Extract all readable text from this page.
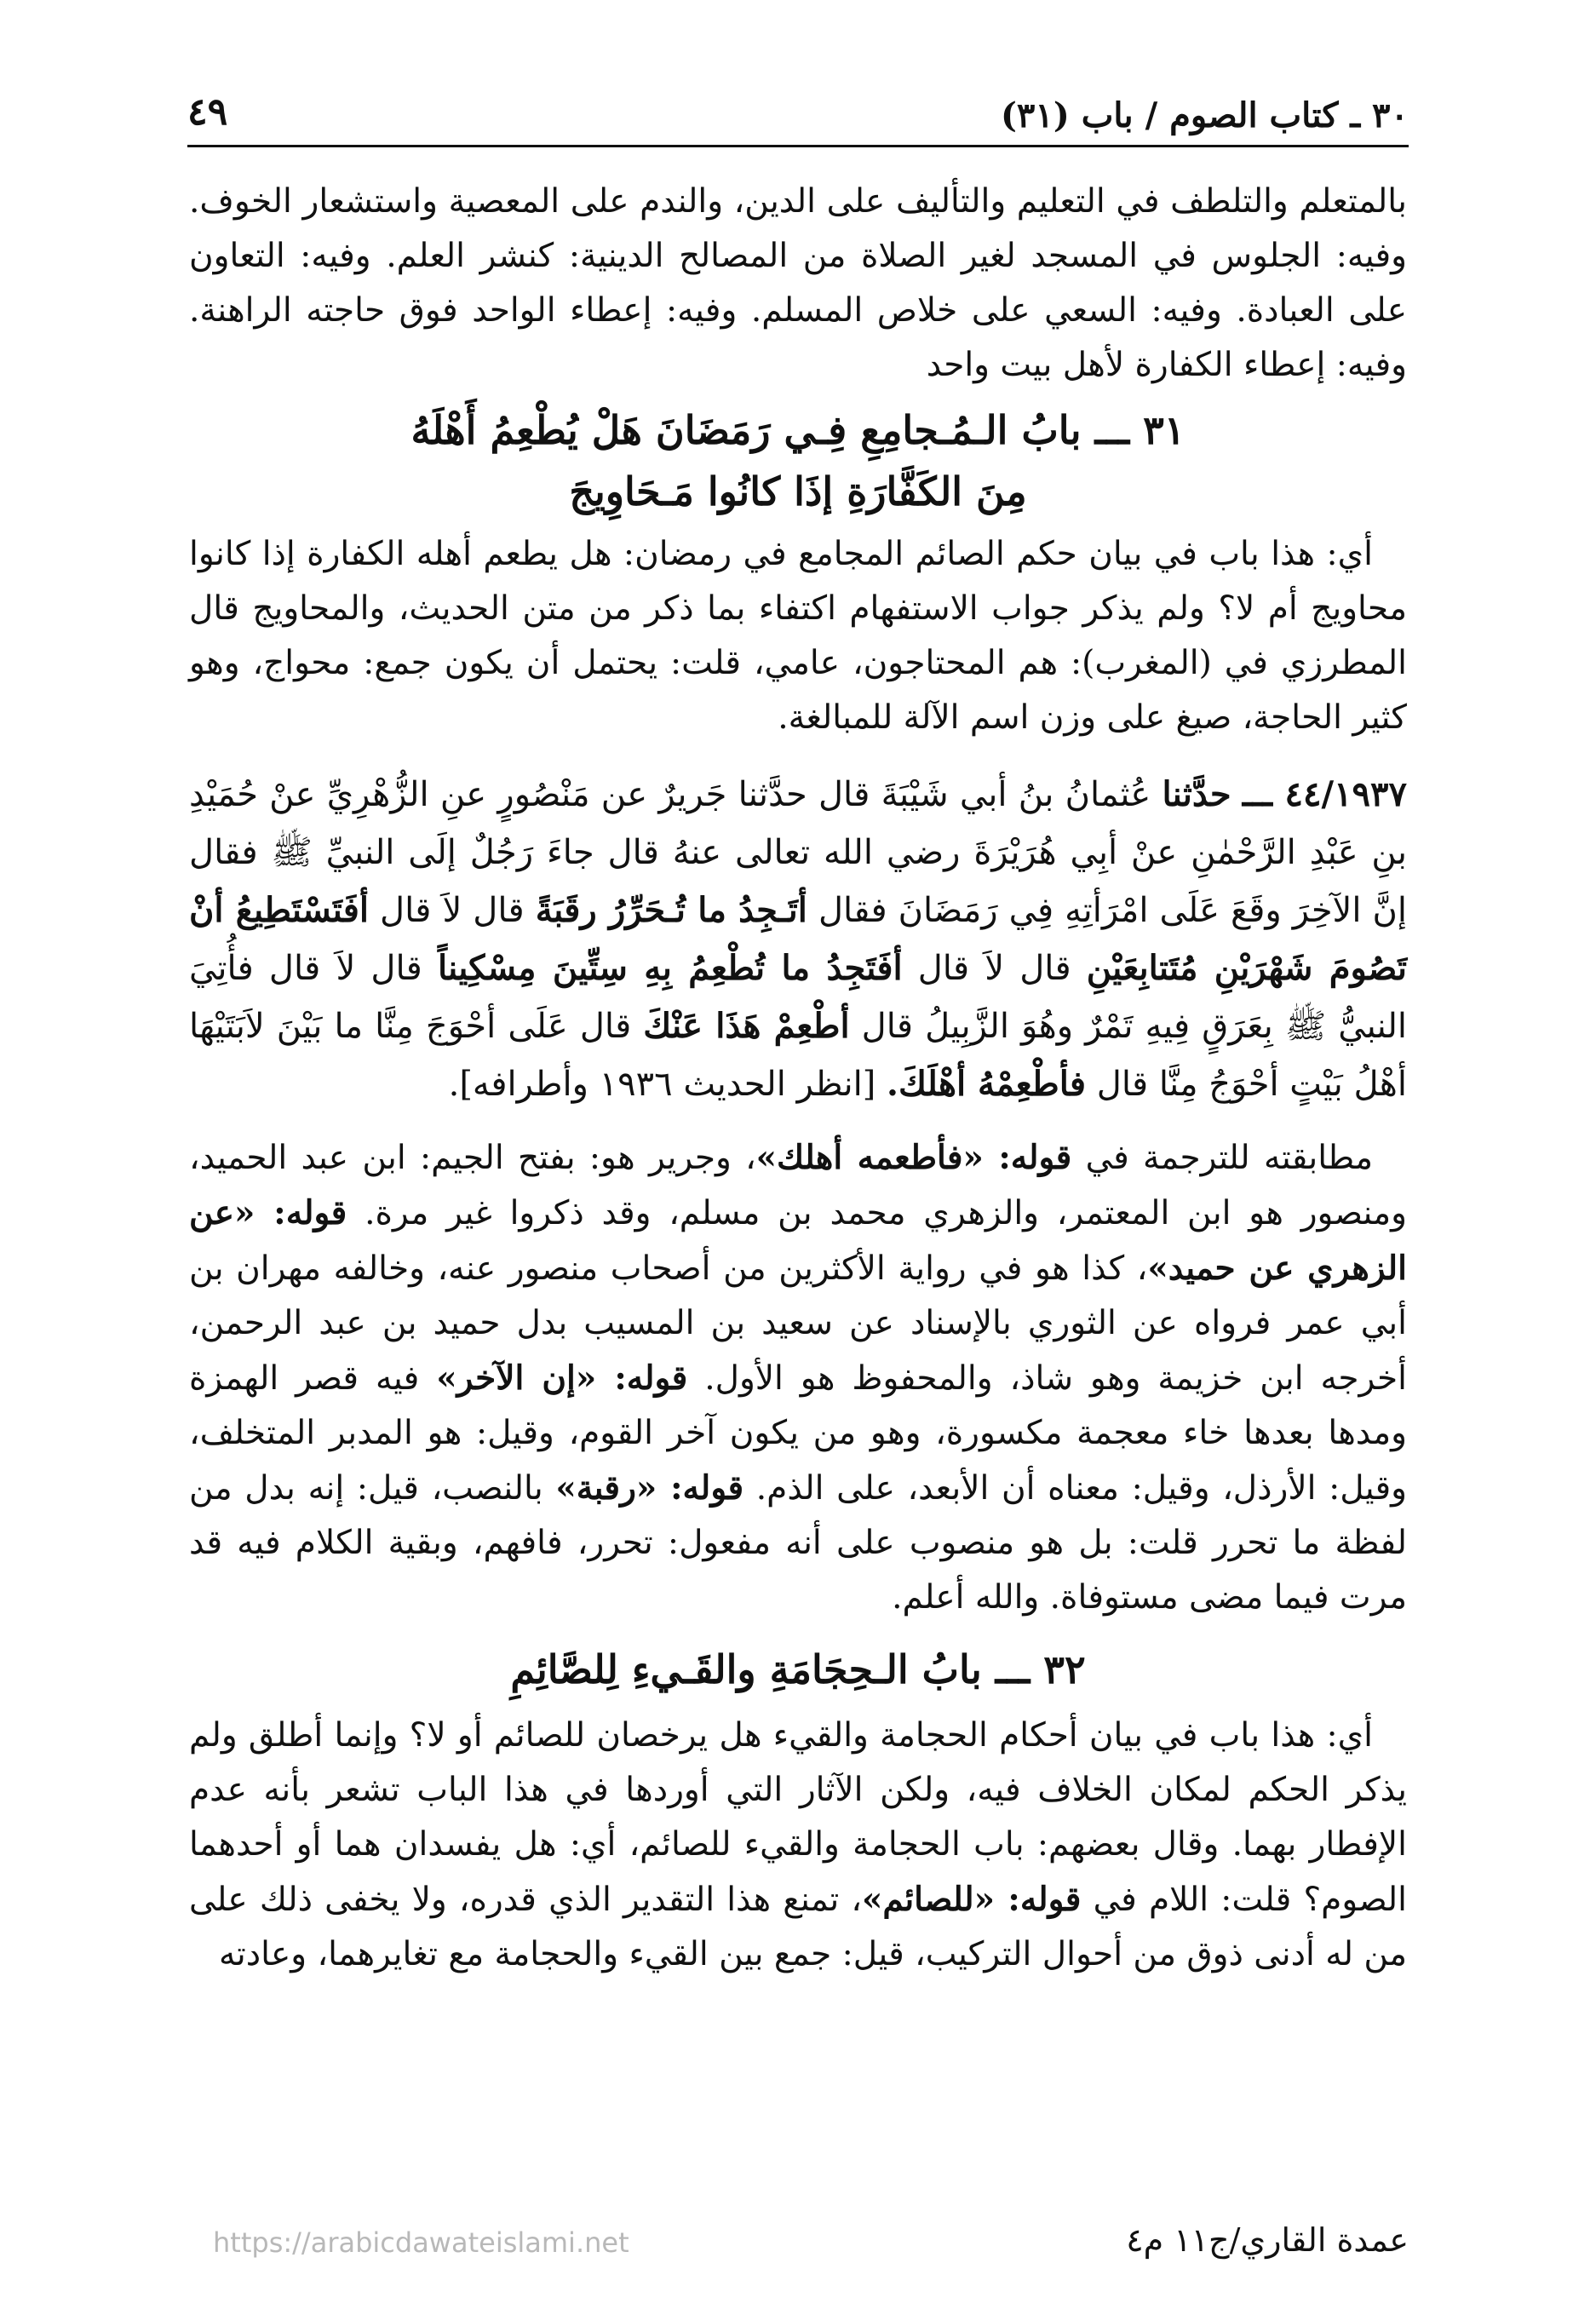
٣٠ ـ كتاب الصوم / باب (٣١)
٤٩

بالمتعلم والتلطف في التعليم والتأليف على الدين، والندم على المعصية واستشعار الخوف. وفيه: الجلوس في المسجد لغير الصلاة من المصالح الدينية: كنشر العلم. وفيه: التعاون على العبادة. وفيه: السعي على خلاص المسلم. وفيه: إعطاء الواحد فوق حاجته الراهنة. وفيه: إعطاء الكفارة لأهل بيت واحد

٣١ ـــ بابُ الـمُـجامِعِ فِـي رَمَضَانَ هَلْ يُطْعِمُ أَهْلَهُ
مِنَ الكَفَّارَةِ إذَا كانُوا مَـحَاوِيجَ

أي: هذا باب في بيان حكم الصائم المجامع في رمضان: هل يطعم أهله الكفارة إذا كانوا محاويج أم لا؟ ولم يذكر جواب الاستفهام اكتفاء بما ذكر من متن الحديث، والمحاويج قال المطرزي في (المغرب): هم المحتاجون، عامي، قلت: يحتمل أن يكون جمع: محواج، وهو كثير الحاجة، صيغ على وزن اسم الآلة للمبالغة.

٤٤/١٩٣٧ ـــ حدَّثنا عُثمانُ بنُ أبي شَيْبَةَ قال حدَّثنا جَريرٌ عن مَنْصُورٍ عنِ الزُّهْرِيِّ عنْ حُمَيْدِ بنِ عَبْدِ الرَّحْمٰنِ عنْ أبِي هُرَيْرَةَ رضي الله تعالى عنهُ قال جاءَ رَجُلٌ إلَى النبيِّ ﷺ فقال إنَّ الآخِرَ وقَعَ عَلَى امْرَأتِهِ فِي رَمَضَانَ فقال أتَـجِدُ ما تُـحَرِّرُ رقَبَةً قال لاَ قال أفَتَسْتَطِيعُ أنْ تَصُومَ شَهْرَيْنِ مُتَتابِعَيْنِ قال لاَ قال أفَتَجِدُ ما تُطْعِمُ بِهِ سِتِّينَ مِسْكِيناً قال لاَ قال فأُتِيَ النبيُّ ﷺ بِعَرَقٍ فِيهِ تَمْرٌ وهُوَ الزَّبِيلُ قال أطْعِمْ هَذَا عَنْكَ قال عَلَى أحْوَجَ مِنَّا ما بَيْنَ لاَبَتَيْهَا أهْلُ بَيْتٍ أحْوَجُ مِنَّا قال فأطْعِمْهُ أهْلَكَ. [انظر الحديث ١٩٣٦ وأطرافه].

مطابقته للترجمة في قوله: «فأطعمه أهلك»، وجرير هو: بفتح الجيم: ابن عبد الحميد، ومنصور هو ابن المعتمر، والزهري محمد بن مسلم، وقد ذكروا غير مرة. قوله: «عن الزهري عن حميد»، كذا هو في رواية الأكثرين من أصحاب منصور عنه، وخالفه مهران بن أبي عمر فرواه عن الثوري بالإسناد عن سعيد بن المسيب بدل حميد بن عبد الرحمن، أخرجه ابن خزيمة وهو شاذ، والمحفوظ هو الأول. قوله: «إن الآخر» فيه قصر الهمزة ومدها بعدها خاء معجمة مكسورة، وهو من يكون آخر القوم، وقيل: هو المدبر المتخلف، وقيل: الأرذل، وقيل: معناه أن الأبعد، على الذم. قوله: «رقبة» بالنصب، قيل: إنه بدل من لفظة ما تحرر قلت: بل هو منصوب على أنه مفعول: تحرر، فافهم، وبقية الكلام فيه قد مرت فيما مضى مستوفاة. والله أعلم.

٣٢ ـــ بابُ الـحِجَامَةِ والقَـيءِ لِلصَّائِمِ

أي: هذا باب في بيان أحكام الحجامة والقيء هل يرخصان للصائم أو لا؟ وإنما أطلق ولم يذكر الحكم لمكان الخلاف فيه، ولكن الآثار التي أوردها في هذا الباب تشعر بأنه عدم الإفطار بهما. وقال بعضهم: باب الحجامة والقيء للصائم، أي: هل يفسدان هما أو أحدهما الصوم؟ قلت: اللام في قوله: «للصائم»، تمنع هذا التقدير الذي قدره، ولا يخفى ذلك على من له أدنى ذوق من أحوال التركيب، قيل: جمع بين القيء والحجامة مع تغايرهما، وعادته

عمدة القاري/ج١١ م٤
https://arabicdawateislami.net
